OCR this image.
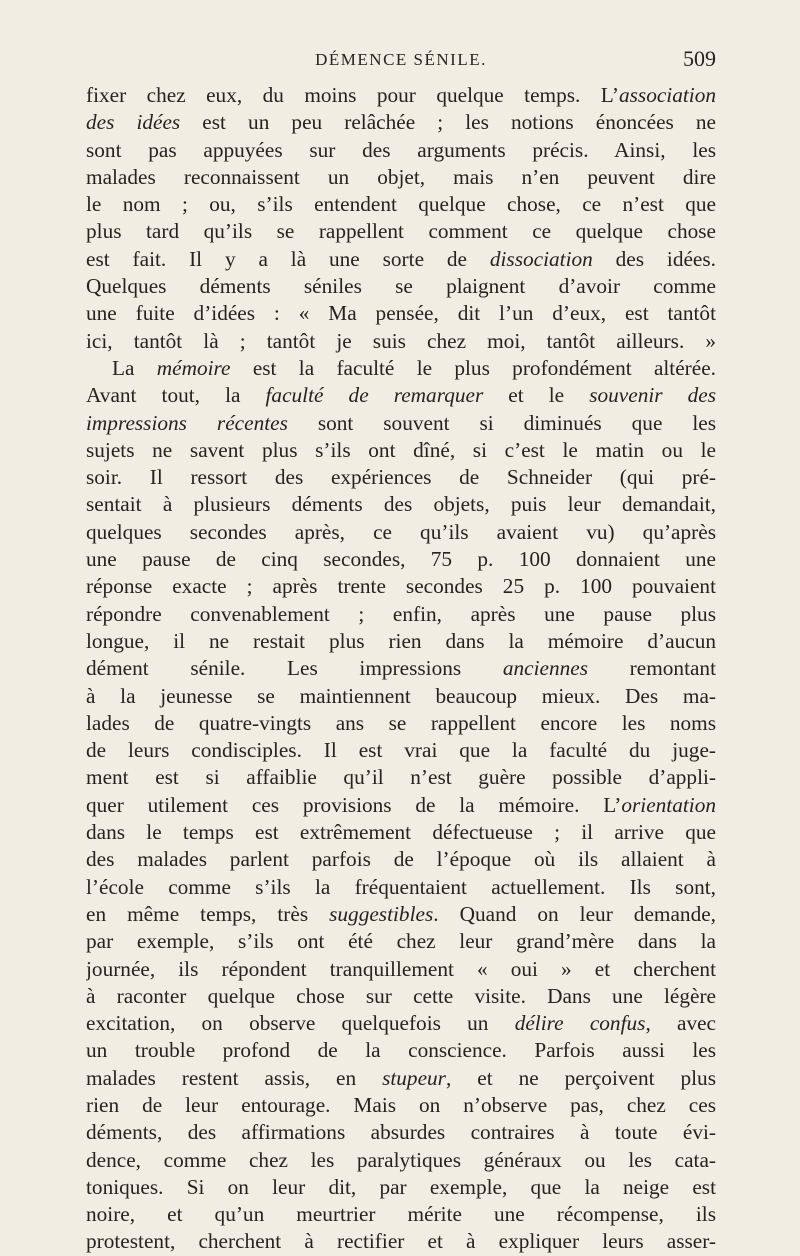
DÉMENCE SÉNILE.	509
fixer chez eux, du moins pour quelque temps. L’association
des idées est un peu relâchée ; les notions énoncées ne
sont pas appuyées sur des arguments précis. Ainsi, les
malades reconnaissent un objet, mais n’en peuvent dire
le nom ; ou, s’ils entendent quelque chose, ce n’est que
plus tard qu’ils se rappellent comment ce quelque chose
est fait. Il y a là une sorte de dissociation des idées.
Quelques déments séniles se plaignent d’avoir comme
une fuite d’idées : « Ma pensée, dit l’un d’eux, est tantôt
ici, tantôt là ; tantôt je suis chez moi, tantôt ailleurs. »
La mémoire est la faculté le plus profondément altérée.
Avant tout, la faculté de remarquer et le souvenir des
impressions récentes sont souvent si diminués que les
sujets ne savent plus s’ils ont dîné, si c’est le matin ou le
soir. Il ressort des expériences de Schneider (qui pré-
sentait à plusieurs déments des objets, puis leur demandait,
quelques secondes après, ce qu’ils avaient vu) qu’après
une pause de cinq secondes, 75 p. 100 donnaient une
réponse exacte ; après trente secondes 25 p. 100 pouvaient
répondre convenablement ; enfin, après une pause plus
longue, il ne restait plus rien dans la mémoire d’aucun
dément sénile. Les impressions anciennes remontant
à la jeunesse se maintiennent beaucoup mieux. Des ma-
lades de quatre-vingts ans se rappellent encore les noms
de leurs condisciples. Il est vrai que la faculté du juge-
ment est si affaiblie qu’il n’est guère possible d’appli-
quer utilement ces provisions de la mémoire. L’orientation
dans le temps est extrêmement défectueuse ; il arrive que
des malades parlent parfois de l’époque où ils allaient à
l’école comme s’ils la fréquentaient actuellement. Ils sont,
en même temps, très suggestibles. Quand on leur demande,
par exemple, s’ils ont été chez leur grand’mère dans la
journée, ils répondent tranquillement « oui » et cherchent
à raconter quelque chose sur cette visite. Dans une légère
excitation, on observe quelquefois un délire confus, avec
un trouble profond de la conscience. Parfois aussi les
malades restent assis, en stupeur, et ne perçoivent plus
rien de leur entourage. Mais on n’observe pas, chez ces
déments, des affirmations absurdes contraires à toute évi-
dence, comme chez les paralytiques généraux ou les cata-
toniques. Si on leur dit, par exemple, que la neige est
noire, et qu’un meurtrier mérite une récompense, ils
protestent, cherchent à rectifier et à expliquer leurs asser-
